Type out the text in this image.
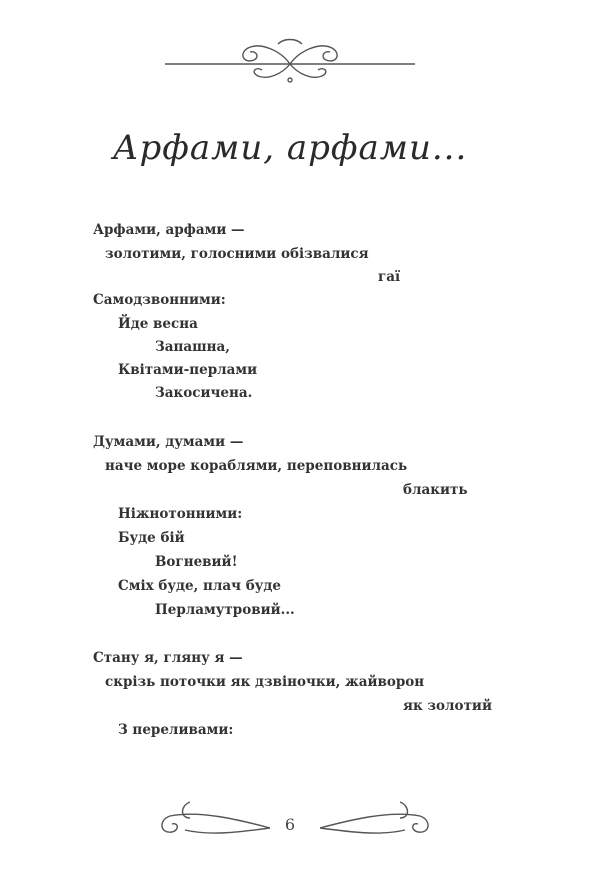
Арфами, арфами...
Арфами, арфами —
золотими, голосними обізвалися
гаї
Самодзвонними:
Йде весна
Запашна,
Квітами-перлами
Закосичена.
Думами, думами —
наче море кораблями, переповнилась
блакить
Ніжнотонними:
Буде бій
Вогневий!
Сміх буде, плач буде
Перламутровий...
Стану я, гляну я —
скрізь поточки як дзвіночки, жайворон
як золотий
З переливами:
6
